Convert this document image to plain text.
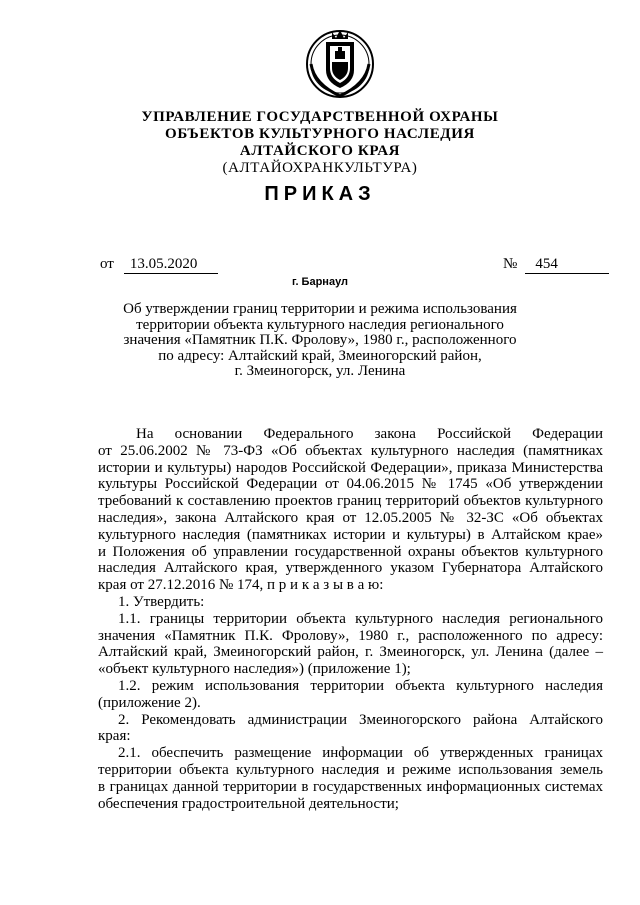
УПРАВЛЕНИЕ ГОСУДАРСТВЕННОЙ ОХРАНЫ
ОБЪЕКТОВ КУЛЬТУРНОГО НАСЛЕДИЯ
АЛТАЙСКОГО КРАЯ
(АЛТАЙОХРАНКУЛЬТУРА)
ПРИКАЗ
от 13.05.2020	№ 454
г. Барнаул
Об утверждении границ территории и режима использования
территории объекта культурного наследия регионального
значения «Памятник П.К. Фролову», 1980 г., расположенного
по адресу: Алтайский край, Змеиногорский район,
г. Змеиногорск, ул. Ленина

На основании Федерального закона Российской Федерации

от 25.06.2002 № 73-ФЗ «Об объектах культурного наследия (памятниках

истории и культуры) народов Российской Федерации», приказа Министерства

культуры Российской Федерации от 04.06.2015 № 1745 «Об утверждении

требований к составлению проектов границ территорий объектов культурного

наследия», закона Алтайского края от 12.05.2005 № 32-ЗС «Об объектах

культурного наследия (памятниках истории и культуры) в Алтайском крае»

и Положения об управлении государственной охраны объектов культурного

наследия Алтайского края, утвержденного указом Губернатора Алтайского

края от 27.12.2016 № 174, п р и к а з ы в а ю:

1. Утвердить:

1.1. границы территории объекта культурного наследия регионального

значения «Памятник П.К. Фролову», 1980 г., расположенного по адресу:

Алтайский край, Змеиногорский район, г. Змеиногорск, ул. Ленина (далее –

«объект культурного наследия») (приложение 1);

1.2. режим использования территории объекта культурного наследия

(приложение 2).

2. Рекомендовать администрации Змеиногорского района Алтайского

края:

2.1. обеспечить размещение информации об утвержденных границах

территории объекта культурного наследия и режиме использования земель

в границах данной территории в государственных информационных системах

обеспечения градостроительной деятельности;
